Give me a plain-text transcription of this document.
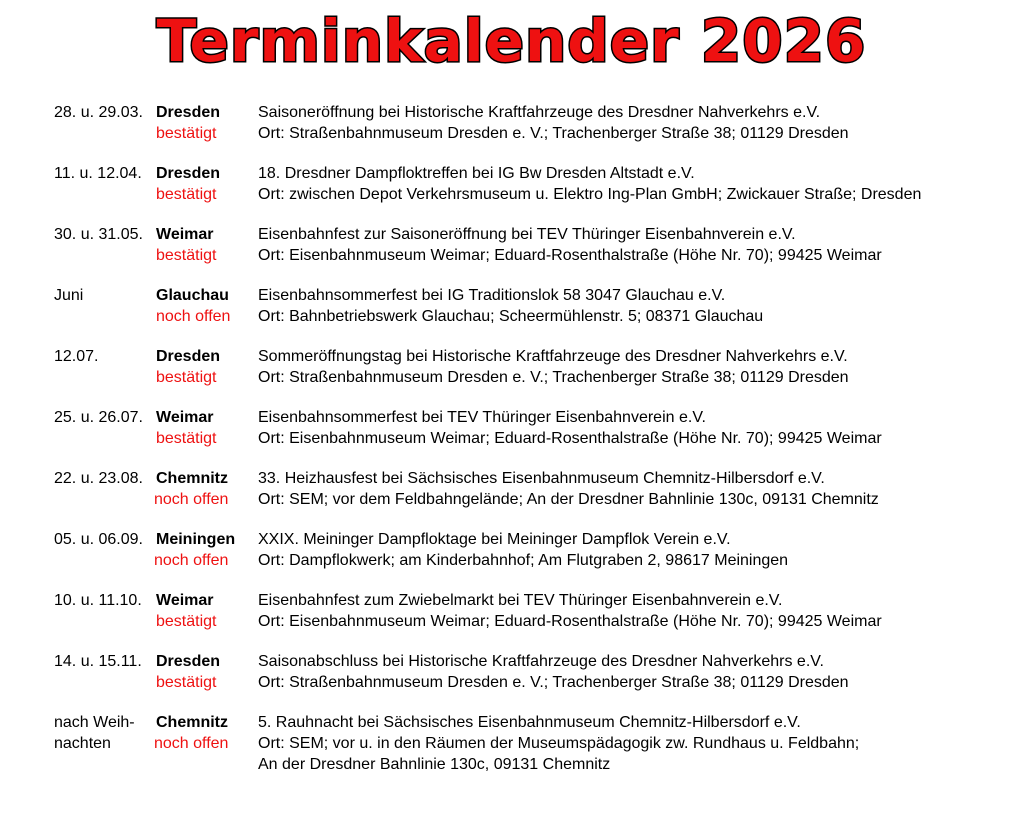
Terminkalender 2026
28. u. 29.03. Dresden
bestätigt
Saisoneröffnung bei Historische Kraftfahrzeuge des Dresdner Nahverkehrs e.V.
Ort: Straßenbahnmuseum Dresden e. V.; Trachenberger Straße 38; 01129 Dresden
11. u. 12.04. Dresden
bestätigt
18. Dresdner Dampfloktreffen bei IG Bw Dresden Altstadt e.V.
Ort: zwischen Depot Verkehrsmuseum u. Elektro Ing-Plan GmbH; Zwickauer Straße; Dresden
30. u. 31.05. Weimar
bestätigt
Eisenbahnfest zur Saisoneröffnung bei TEV Thüringer Eisenbahnverein e.V.
Ort: Eisenbahnmuseum Weimar; Eduard-Rosenthalstraße (Höhe Nr. 70); 99425 Weimar
Juni	Glauchau
noch offen
Eisenbahnsommerfest bei IG Traditionslok 58 3047 Glauchau e.V.
Ort: Bahnbetriebswerk Glauchau; Scheermühlenstr. 5; 08371 Glauchau
12.07.	Dresden
bestätigt
Sommeröffnungstag bei Historische Kraftfahrzeuge des Dresdner Nahverkehrs e.V.
Ort: Straßenbahnmuseum Dresden e. V.; Trachenberger Straße 38; 01129 Dresden
25. u. 26.07. Weimar
bestätigt
Eisenbahnsommerfest bei TEV Thüringer Eisenbahnverein e.V.
Ort: Eisenbahnmuseum Weimar; Eduard-Rosenthalstraße (Höhe Nr. 70); 99425 Weimar
22. u. 23.08. Chemnitz
noch offen
33. Heizhausfest bei Sächsisches Eisenbahnmuseum Chemnitz-Hilbersdorf e.V.
Ort: SEM; vor dem Feldbahngelände; An der Dresdner Bahnlinie 130c, 09131 Chemnitz
05. u. 06.09. Meiningen
noch offen
XXIX. Meininger Dampfloktage bei Meininger Dampflok Verein e.V.
Ort: Dampflokwerk; am Kinderbahnhof; Am Flutgraben 2, 98617 Meiningen
10. u. 11.10. Weimar
bestätigt
Eisenbahnfest zum Zwiebelmarkt bei TEV Thüringer Eisenbahnverein e.V.
Ort: Eisenbahnmuseum Weimar; Eduard-Rosenthalstraße (Höhe Nr. 70); 99425 Weimar
14. u. 15.11. Dresden
bestätigt
Saisonabschluss bei Historische Kraftfahrzeuge des Dresdner Nahverkehrs e.V.
Ort: Straßenbahnmuseum Dresden e. V.; Trachenberger Straße 38; 01129 Dresden
nach Weih-
nachten
Chemnitz
noch offen
5. Rauhnacht bei Sächsisches Eisenbahnmuseum Chemnitz-Hilbersdorf e.V.
Ort: SEM; vor u. in den Räumen der Museumspädagogik zw. Rundhaus u. Feldbahn;
An der Dresdner Bahnlinie 130c, 09131 Chemnitz
